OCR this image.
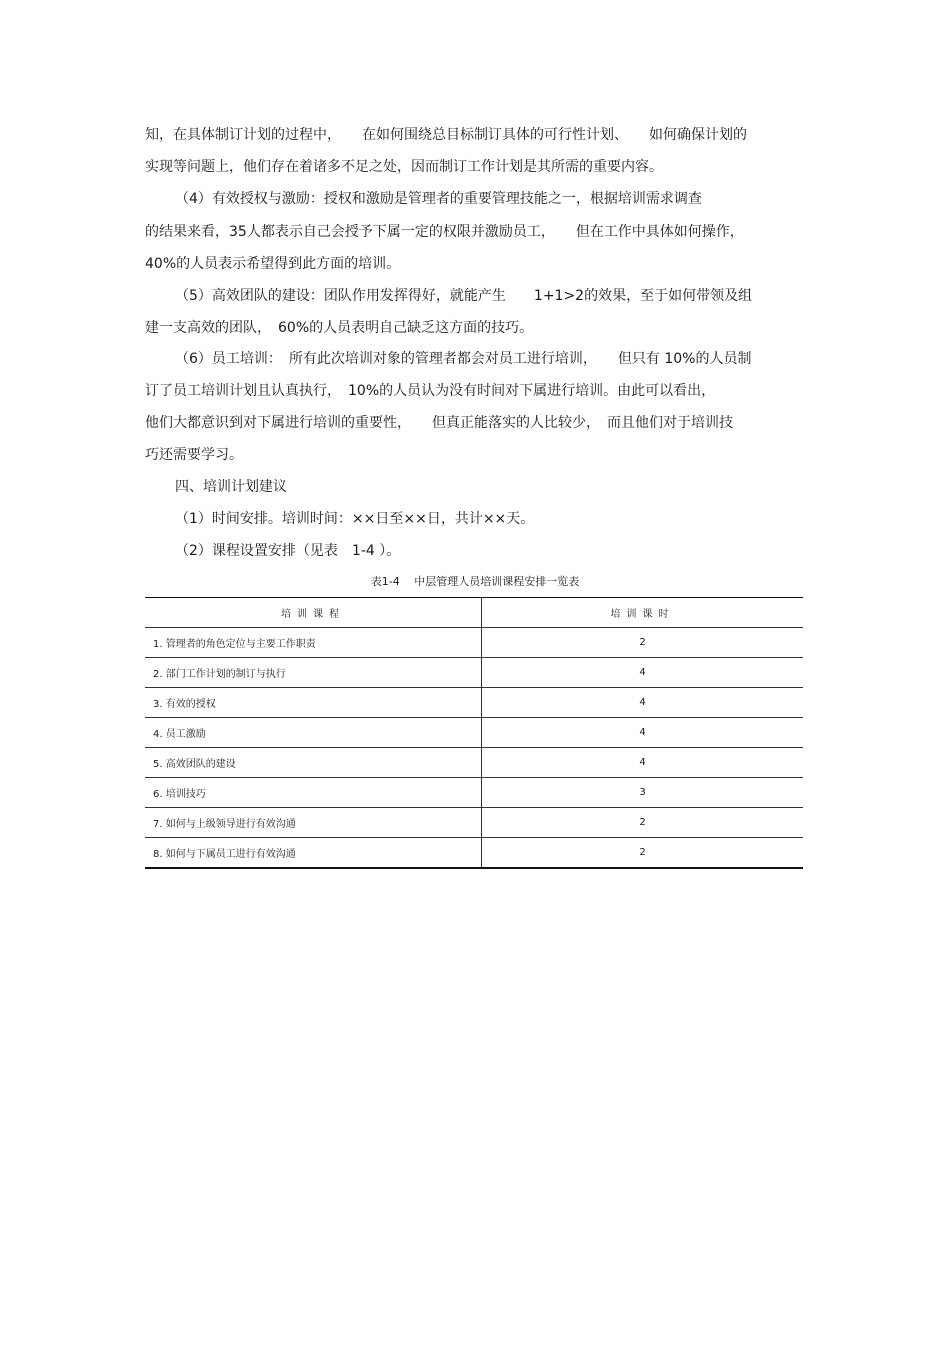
知，在具体制订计划的过程中，　　在如何围绕总目标制订具体的可行性计划、　　如何确保计划的
实现等问题上，他们存在着诸多不足之处，因而制订工作计划是其所需的重要内容。
（4）有效授权与激励：授权和激励是管理者的重要管理技能之一，根据培训需求调查
的结果来看，35人都表示自己会授予下属一定的权限并激励员工，　　但在工作中具体如何操作，
40%的人员表示希望得到此方面的培训。
（5）高效团队的建设：团队作用发挥得好，就能产生　　1+1>2的效果，至于如何带领及组
建一支高效的团队，　60%的人员表明自己缺乏这方面的技巧。
（6）员工培训：　所有此次培训对象的管理者都会对员工进行培训，　　但只有 10%的人员制
订了员工培训计划且认真执行，　10%的人员认为没有时间对下属进行培训。由此可以看出，
他们大都意识到对下属进行培训的重要性，　　但真正能落实的人比较少，　而且他们对于培训技
巧还需要学习。
四、培训计划建议
（1）时间安排。培训时间：××日至××日，共计××天。
（2）课程设置安排（见表　1-4 ）。
表1-4　 中层管理人员培训课程安排一览表
培训课程	培训课时
1. 管理者的角色定位与主要工作职责	2
2. 部门工作计划的制订与执行	4
3. 有效的授权	4
4. 员工激励	4
5. 高效团队的建设	4
6. 培训技巧	3
7. 如何与上级领导进行有效沟通	2
8. 如何与下属员工进行有效沟通	2
